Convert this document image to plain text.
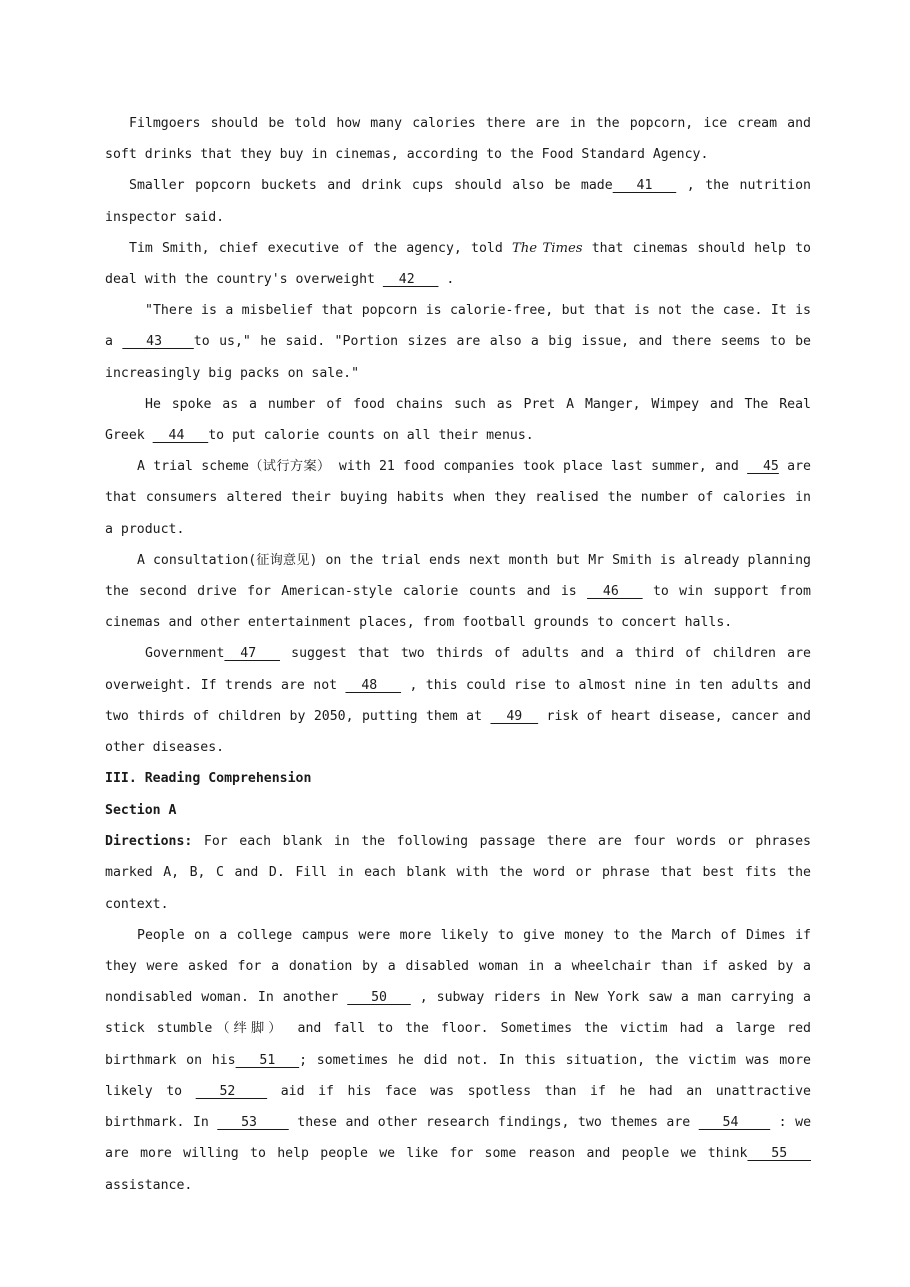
Filmgoers should be told how many calories there are in the popcorn, ice cream and soft drinks that they buy in cinemas, according to the Food Standard Agency.

Smaller popcorn buckets and drink cups should also be made   41    , the nutrition inspector said.

Tim Smith, chief executive of the agency, told The Times that cinemas should help to deal with the country's overweight   42    .

"There is a misbelief that popcorn is calorie-free, but that is not the case. It is a    43    to us," he said. "Portion sizes are also a big issue, and there seems to be increasingly big packs on sale."

He spoke as a number of food chains such as Pret A Manger, Wimpey and The Real Greek   44   to put calorie counts on all their menus.

A trial scheme（试行方案） with 21 food companies took place last summer, and   45 are that consumers altered their buying habits when they realised the number of calories in a product.

A consultation(征询意见) on the trial ends next month but Mr Smith is already planning the second drive for American-style calorie counts and is   46    to win support from cinemas and other entertainment places, from football grounds to concert halls.

Government  47    suggest that two thirds of adults and a third of children are overweight. If trends are not   48    , this could rise to almost nine in ten adults and two thirds of children by 2050, putting them at   49   risk of heart disease, cancer and other diseases.

III. Reading Comprehension

Section A

Directions: For each blank in the following passage there are four words or phrases marked A, B, C and D. Fill in each blank with the word or phrase that best fits the context.

People on a college campus were more likely to give money to the March of Dimes if they were asked for a donation by a disabled woman in a wheelchair than if asked by a nondisabled woman. In another    50    , subway riders in New York saw a man carrying a stick stumble（绊脚） and fall to the floor. Sometimes the victim had a large red birthmark on his   51   ; sometimes he did not. In this situation, the victim was more likely to    52     aid if his face was spotless than if he had an unattractive birthmark. In    53     these and other research findings, two themes are    54     : we are more willing to help people we like for some reason and people we think   55   assistance.
